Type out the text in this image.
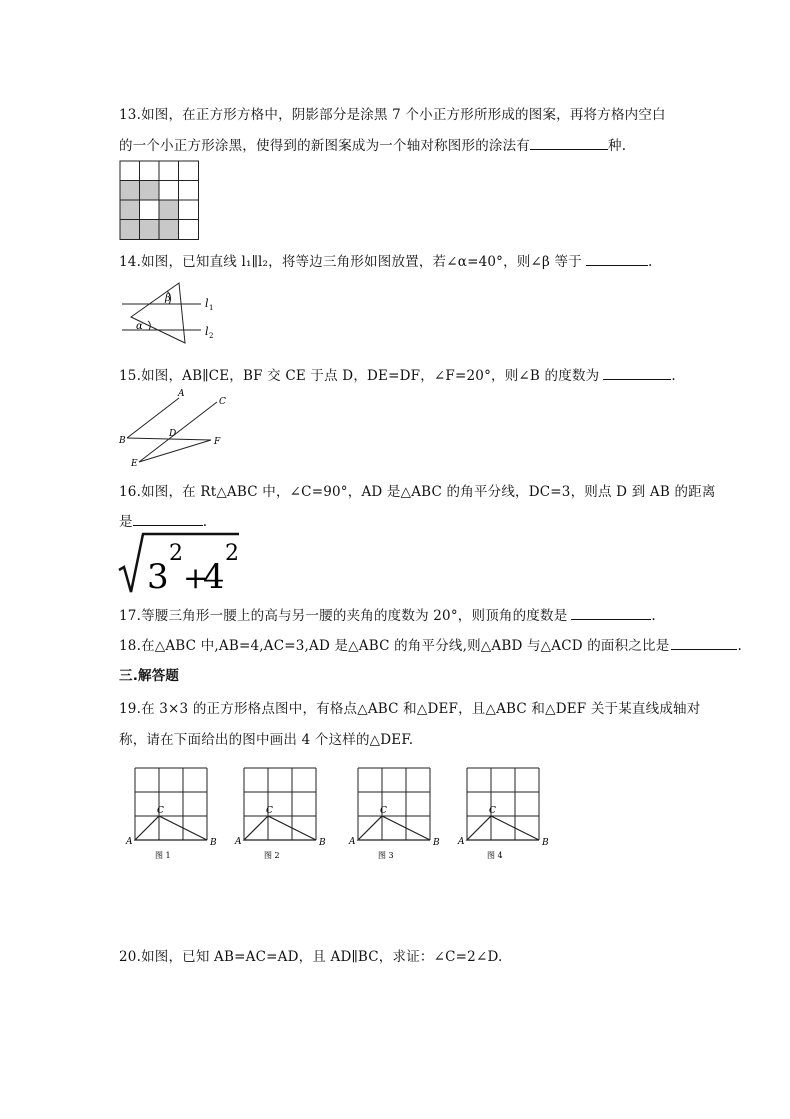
13.如图，在正方形方格中，阴影部分是涂黑 7 个小正方形所形成的图案，再将方格内空白
的一个小正方形涂黑，使得到的新图案成为一个轴对称图形的涂法有	种.
14.如图，已知直线 l₁∥l₂，将等边三角形如图放置，若∠α=40°，则∠β 等于	.
β
α
l 1
l 2
15.如图，AB∥CE，BF 交 CE 于点 D，DE=DF，∠F=20°，则∠B 的度数为	.
A
C
B
D
F
E
16.如图，在 Rt△ABC 中，∠C=90°，AD 是△ABC 的角平分线，DC=3，则点 D 到 AB 的距离
是	.
3
2
+
4
2
17.等腰三角形一腰上的高与另一腰的夹角的度数为 20°，则顶角的度数是	.
18.在△ABC 中,AB=4,AC=3,AD 是△ABC 的角平分线,则△ABD 与△ACD 的面积之比是	.
三.解答题
19.在 3×3 的正方形格点图中，有格点△ABC 和△DEF，且△ABC 和△DEF 关于某直线成轴对
称，请在下面给出的图中画出 4 个这样的△DEF.
A	B
C
图 1
A	B
C
图 2
A	B
C
图 3
A	B
C
图 4
20.如图，已知 AB=AC=AD，且 AD∥BC，求证：∠C=2∠D.
